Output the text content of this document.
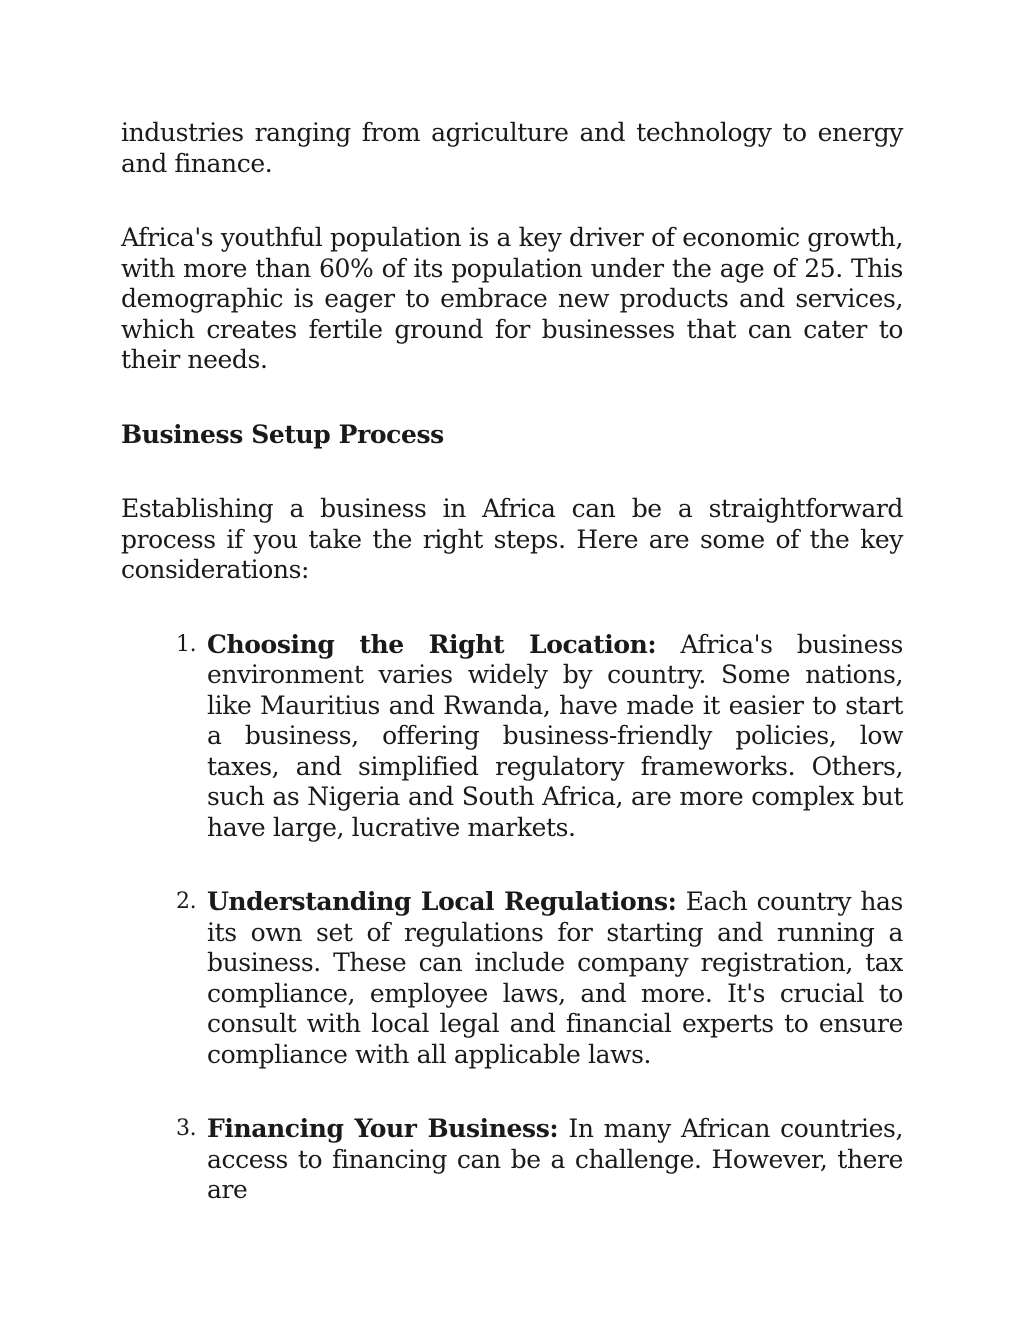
industries ranging from agriculture and technology to energy and finance.

Africa's youthful population is a key driver of economic growth, with more than 60% of its population under the age of 25. This demographic is eager to embrace new products and services, which creates fertile ground for businesses that can cater to their needs.

Business Setup Process

Establishing a business in Africa can be a straightforward process if you take the right steps. Here are some of the key considerations:

1. Choosing the Right Location: Africa's business environment varies widely by country. Some nations, like Mauritius and Rwanda, have made it easier to start a business, offering business-friendly policies, low taxes, and simplified regulatory frameworks. Others, such as Nigeria and South Africa, are more complex but have large, lucrative markets.
2. Understanding Local Regulations: Each country has its own set of regulations for starting and running a business. These can include company registration, tax compliance, employee laws, and more. It's crucial to consult with local legal and financial experts to ensure compliance with all applicable laws.
3. Financing Your Business: In many African countries, access to financing can be a challenge. However, there are
